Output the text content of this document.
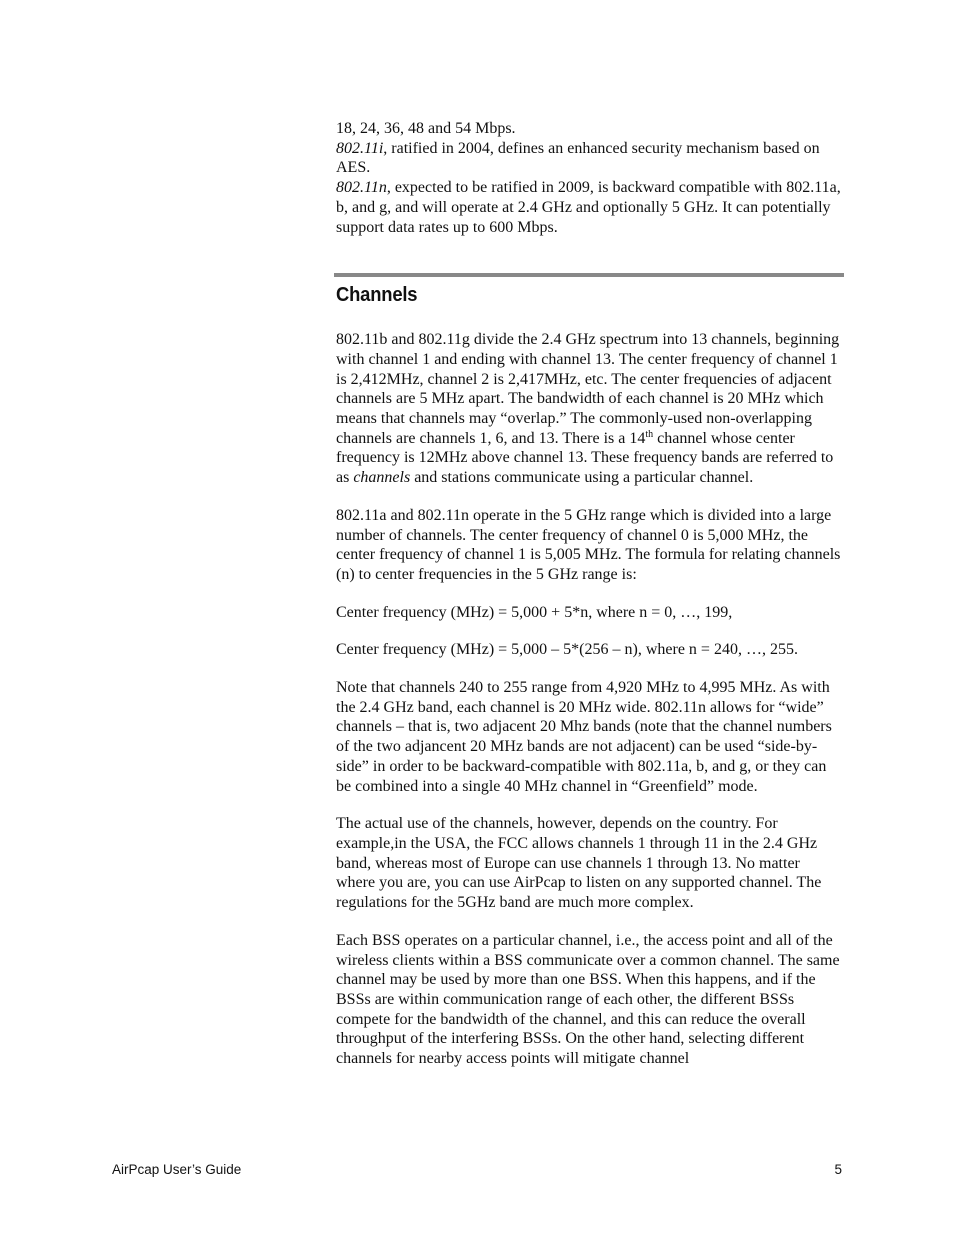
18, 24, 36, 48 and 54 Mbps.

802.11i, ratified in 2004, defines an enhanced security mechanism based on AES.

802.11n, expected to be ratified in 2009, is backward compatible with 802.11a, b, and g, and will operate at 2.4 GHz and optionally 5 GHz. It can potentially support data rates up to 600 Mbps.

Channels

802.11b and 802.11g divide the 2.4 GHz spectrum into 13 channels, beginning with channel 1 and ending with channel 13. The center frequency of channel 1 is 2,412MHz, channel 2 is 2,417MHz, etc. The center frequencies of adjacent channels are 5 MHz apart. The bandwidth of each channel is 20 MHz which means that channels may “overlap.” The commonly-used non-overlapping channels are channels 1, 6, and 13. There is a 14th channel whose center frequency is 12MHz above channel 13. These frequency bands are referred to as channels and stations communicate using a particular channel.

802.11a and 802.11n operate in the 5 GHz range which is divided into a large number of channels. The center frequency of channel 0 is 5,000 MHz, the center frequency of channel 1 is 5,005 MHz. The formula for relating channels (n) to center frequencies in the 5 GHz range is:

Center frequency (MHz) = 5,000 + 5*n, where n = 0, …, 199,

Center frequency (MHz) = 5,000 – 5*(256 – n), where n = 240, …, 255.

Note that channels 240 to 255 range from 4,920 MHz to 4,995 MHz. As with the 2.4 GHz band, each channel is 20 MHz wide. 802.11n allows for “wide” channels – that is, two adjacent 20 Mhz bands (note that the channel numbers of the two adjancent 20 MHz bands are not adjacent) can be used “side-by-side” in order to be backward-compatible with 802.11a, b, and g, or they can be combined into a single 40 MHz channel in “Greenfield” mode.

The actual use of the channels, however, depends on the country. For example,in the USA, the FCC allows channels 1 through 11 in the 2.4 GHz band, whereas most of Europe can use channels 1 through 13. No matter where you are, you can use AirPcap to listen on any supported channel. The regulations for the 5GHz band are much more complex.

Each BSS operates on a particular channel, i.e., the access point and all of the wireless clients within a BSS communicate over a common channel. The same channel may be used by more than one BSS. When this happens, and if the BSSs are within communication range of each other, the different BSSs compete for the bandwidth of the channel, and this can reduce the overall throughput of the interfering BSSs. On the other hand, selecting different channels for nearby access points will mitigate channel

AirPcap User’s Guide	5
